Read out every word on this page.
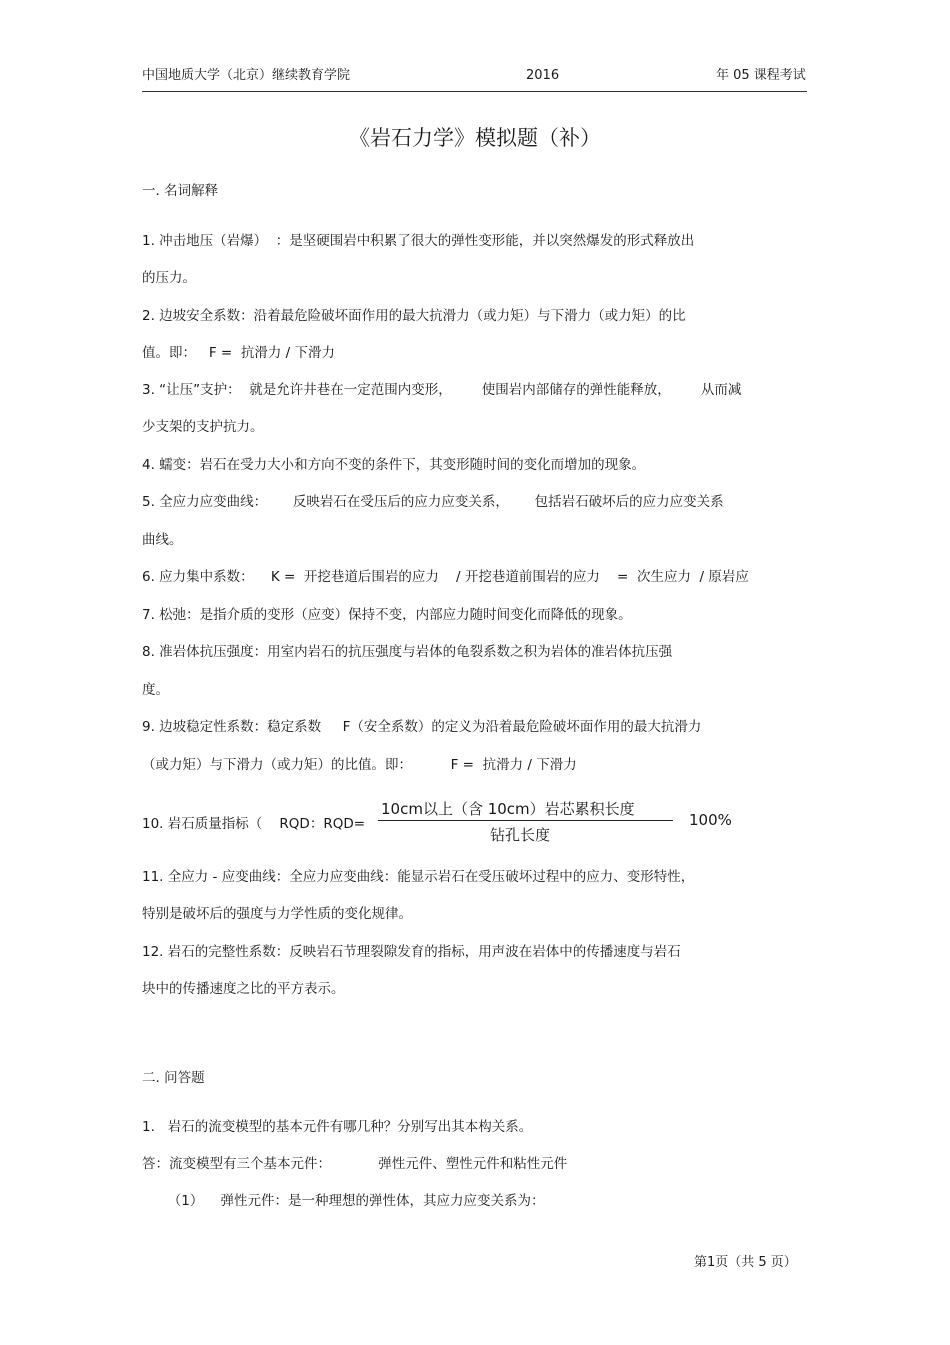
中国地质大学（北京）继续教育学院	2016	年 05 课程考试
《岩石力学》模拟题（补）
一. 名词解释
1. 冲击地压（岩爆）  ：是坚硬围岩中积累了很大的弹性变形能，并以突然爆发的形式释放出
的压力。
2. 边坡安全系数：沿着最危险破坏面作用的最大抗滑力（或力矩）与下滑力（或力矩）的比
值。即：   F =  抗滑力 / 下滑力
3. “让压”支护：  就是允许井巷在一定范围内变形，       使围岩内部储存的弹性能释放，       从而减
少支架的支护抗力。
4. 蠕变：岩石在受力大小和方向不变的条件下，其变形随时间的变化而增加的现象。
5. 全应力应变曲线：      反映岩石在受压后的应力应变关系，      包括岩石破坏后的应力应变关系
曲线。
6. 应力集中系数：    K =  开挖巷道后围岩的应力    / 开挖巷道前围岩的应力    =  次生应力  / 原岩应
7. 松弛：是指介质的变形（应变）保持不变，内部应力随时间变化而降低的现象。
8. 准岩体抗压强度：用室内岩石的抗压强度与岩体的龟裂系数之积为岩体的准岩体抗压强
度。
9. 边坡稳定性系数：稳定系数     F（安全系数）的定义为沿着最危险破坏面作用的最大抗滑力
（或力矩）与下滑力（或力矩）的比值。即：         F =  抗滑力 / 下滑力
10. 岩石质量指标（    RQD：RQD=
10cm以上（含 10cm）岩芯累积长度
钻孔长度
100%
11. 全应力 - 应变曲线：全应力应变曲线：能显示岩石在受压破坏过程中的应力、变形特性，
特别是破坏后的强度与力学性质的变化规律。
12. 岩石的完整性系数：反映岩石节理裂隙发育的指标，用声波在岩体中的传播速度与岩石
块中的传播速度之比的平方表示。
二. 问答题
1.   岩石的流变模型的基本元件有哪几种？分别写出其本构关系。
答：流变模型有三个基本元件：           弹性元件、塑性元件和粘性元件
（1）    弹性元件：是一种理想的弹性体，其应力应变关系为：
第1页（共 5 页）
